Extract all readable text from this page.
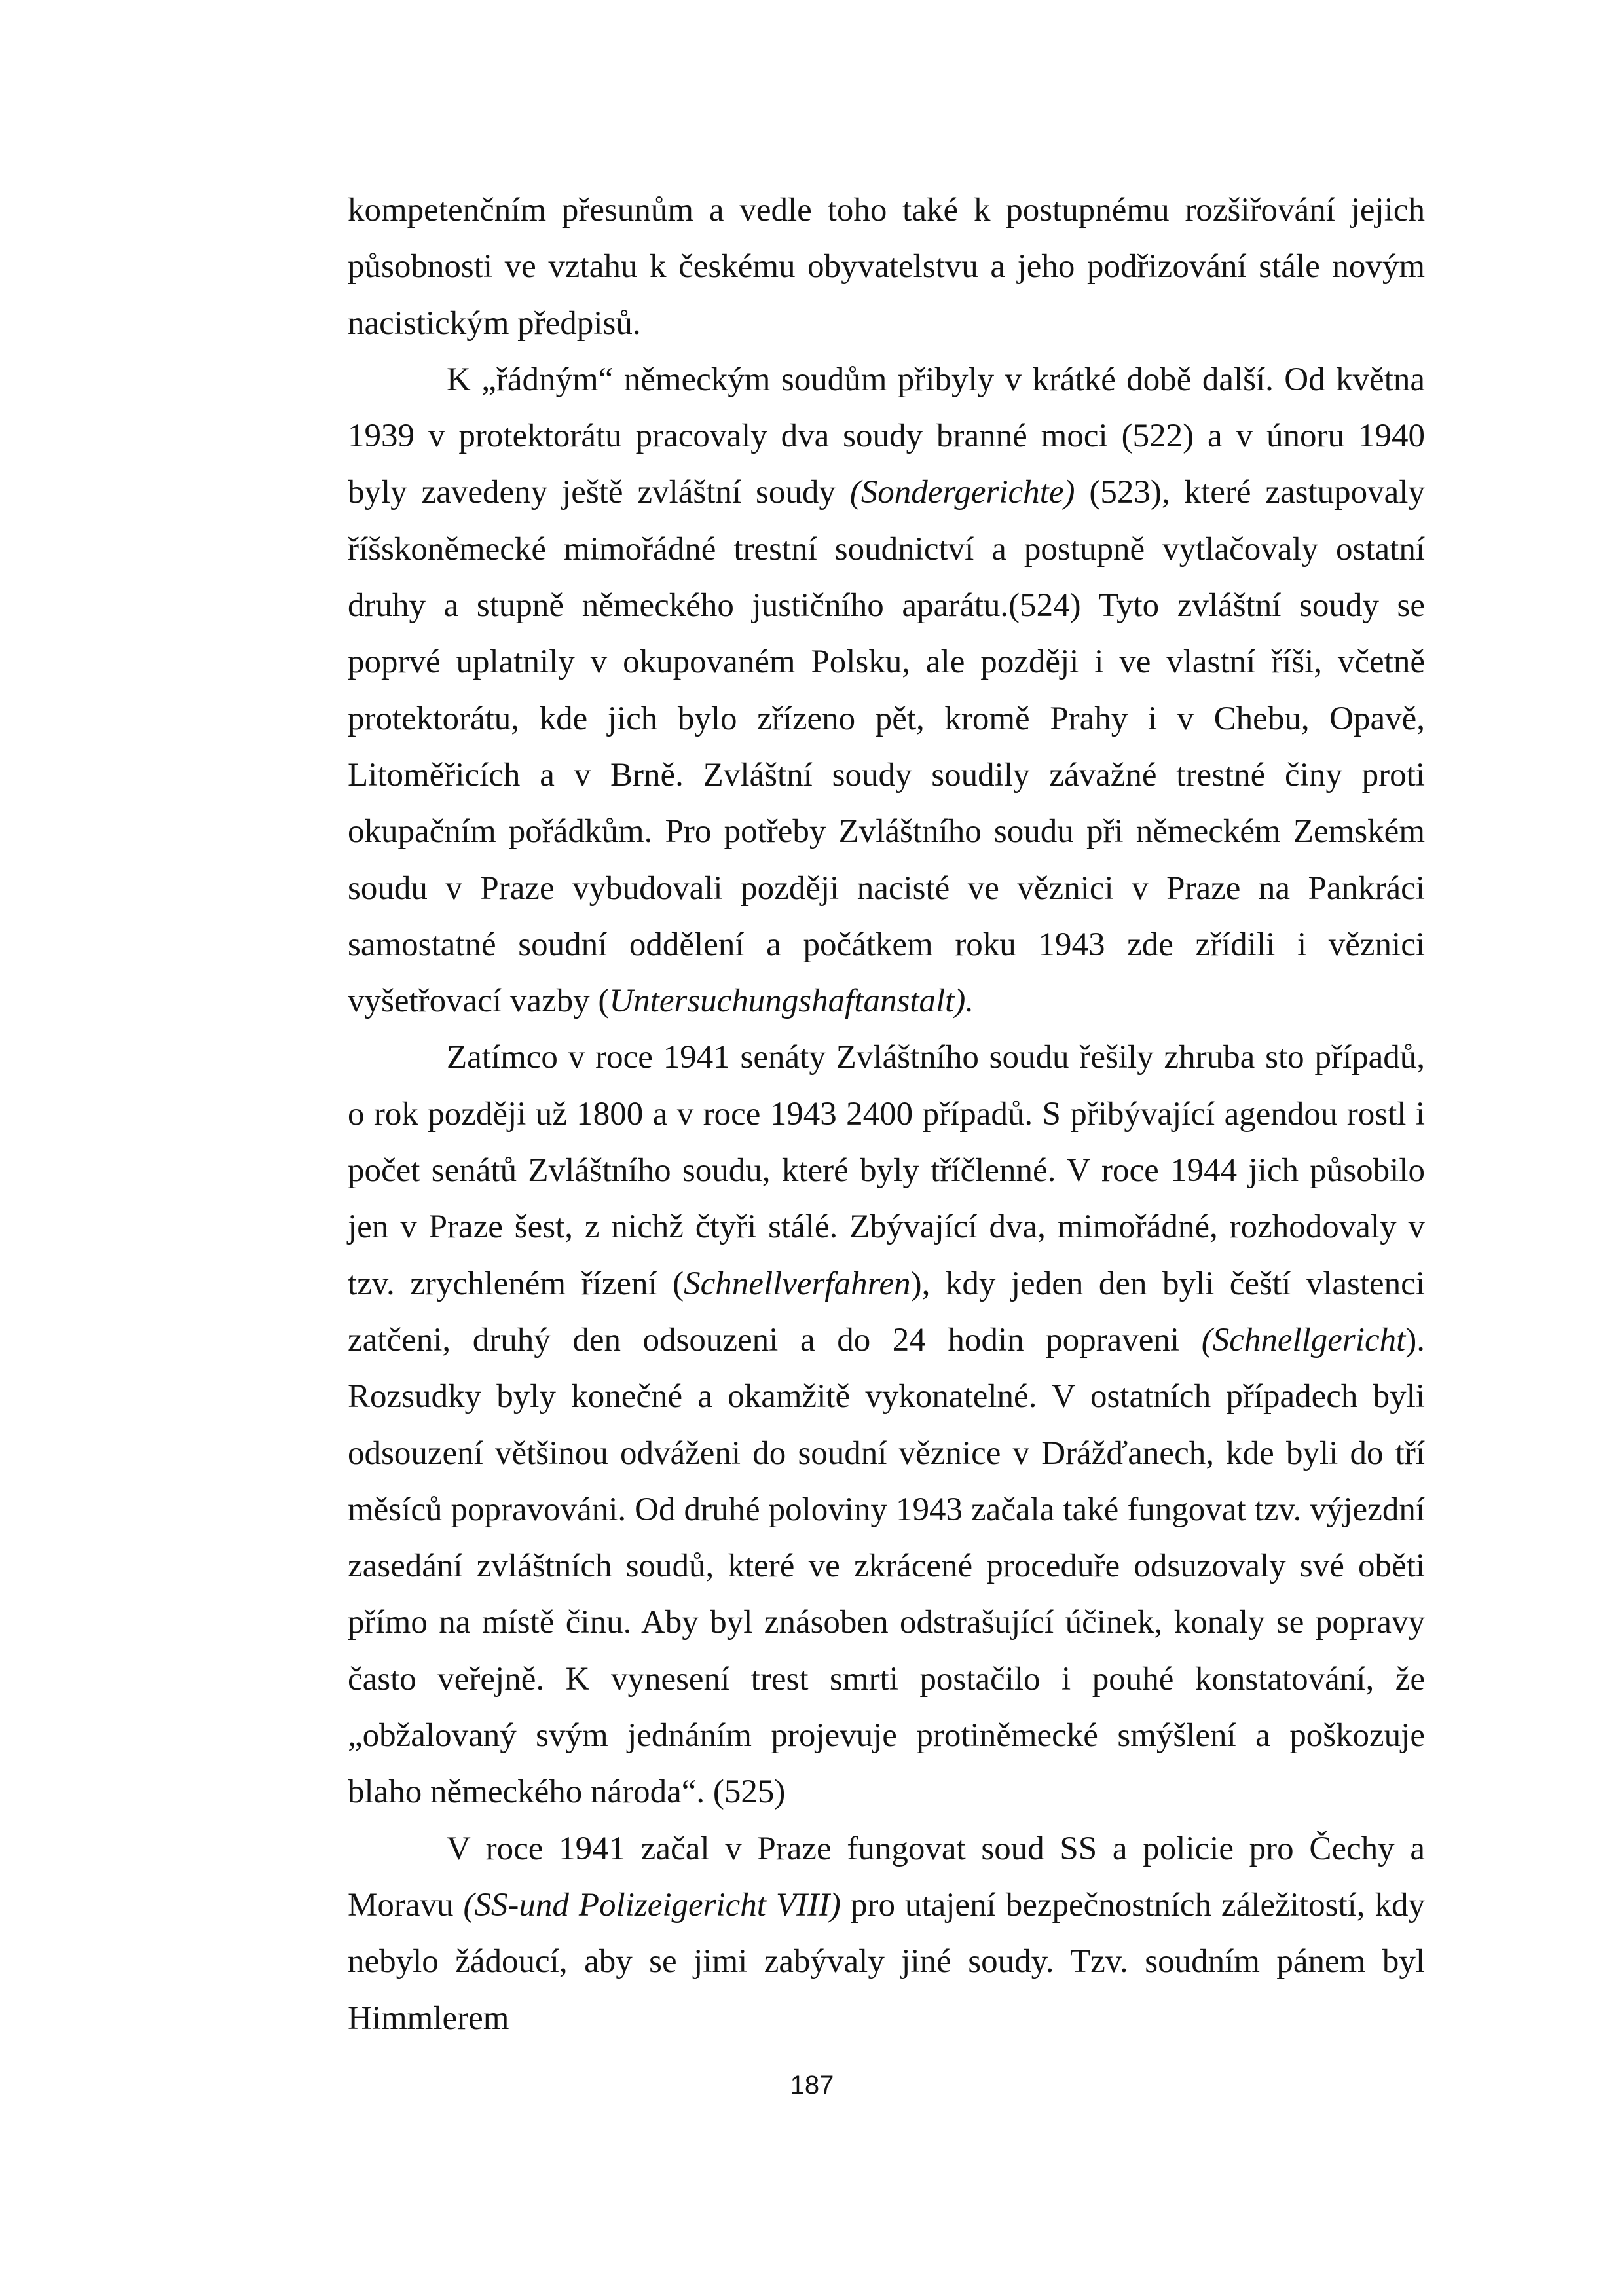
kompetenčním přesunům a vedle toho také k postupnému rozšiřování jejich působnosti ve vztahu k českému obyvatelstvu a jeho podřizování stále novým nacistickým předpisů.

K „řádným“ německým soudům přibyly v krátké době další. Od května 1939 v protektorátu pracovaly dva soudy branné moci (522) a v únoru 1940 byly zavedeny ještě zvláštní soudy (Sondergerichte) (523), které zastupovaly říšskoněmecké mimořádné trestní soudnictví a postupně vytlačovaly ostatní druhy a stupně německého justičního aparátu.(524) Tyto zvláštní soudy se poprvé uplatnily v okupovaném Polsku, ale později i ve vlastní říši, včetně protektorátu, kde jich bylo zřízeno pět, kromě Prahy i v Chebu, Opavě, Litoměřicích a v Brně. Zvláštní soudy soudily závažné trestné činy proti okupačním pořádkům. Pro potřeby Zvláštního soudu při německém Zemském soudu v Praze vybudovali později nacisté ve věznici v Praze na Pankráci samostatné soudní oddělení a počátkem roku 1943 zde zřídili i věznici vyšetřovací vazby (Untersuchungshaftanstalt).

Zatímco v roce 1941 senáty Zvláštního soudu řešily zhruba sto případů, o rok později už 1800 a v roce 1943 2400 případů. S přibývající agendou rostl i počet senátů Zvláštního soudu, které byly tříčlenné. V roce 1944 jich působilo jen v Praze šest, z nichž čtyři stálé. Zbývající dva, mimořádné, rozhodovaly v tzv. zrychleném řízení (Schnellverfahren), kdy jeden den byli čeští vlastenci zatčeni, druhý den odsouzeni a do 24 hodin popraveni (Schnellgericht). Rozsudky byly konečné a okamžitě vykonatelné. V ostatních případech byli odsouzení většinou odváženi do soudní věznice v Drážďanech, kde byli do tří měsíců popravováni. Od druhé poloviny 1943 začala také fungovat tzv. výjezdní zasedání zvláštních soudů, které ve zkrácené proceduře odsuzovaly své oběti přímo na místě činu. Aby byl znásoben odstrašující účinek, konaly se popravy často veřejně. K vynesení trest smrti postačilo i pouhé konstatování, že „obžalovaný svým jednáním projevuje protiněmecké smýšlení a poškozuje blaho německého národa“. (525)

V roce 1941 začal v Praze fungovat soud SS a policie pro Čechy a Moravu (SS-und Polizeigericht VIII) pro utajení bezpečnostních záležitostí, kdy nebylo žádoucí, aby se jimi zabývaly jiné soudy. Tzv. soudním pánem byl Himmlerem

187
